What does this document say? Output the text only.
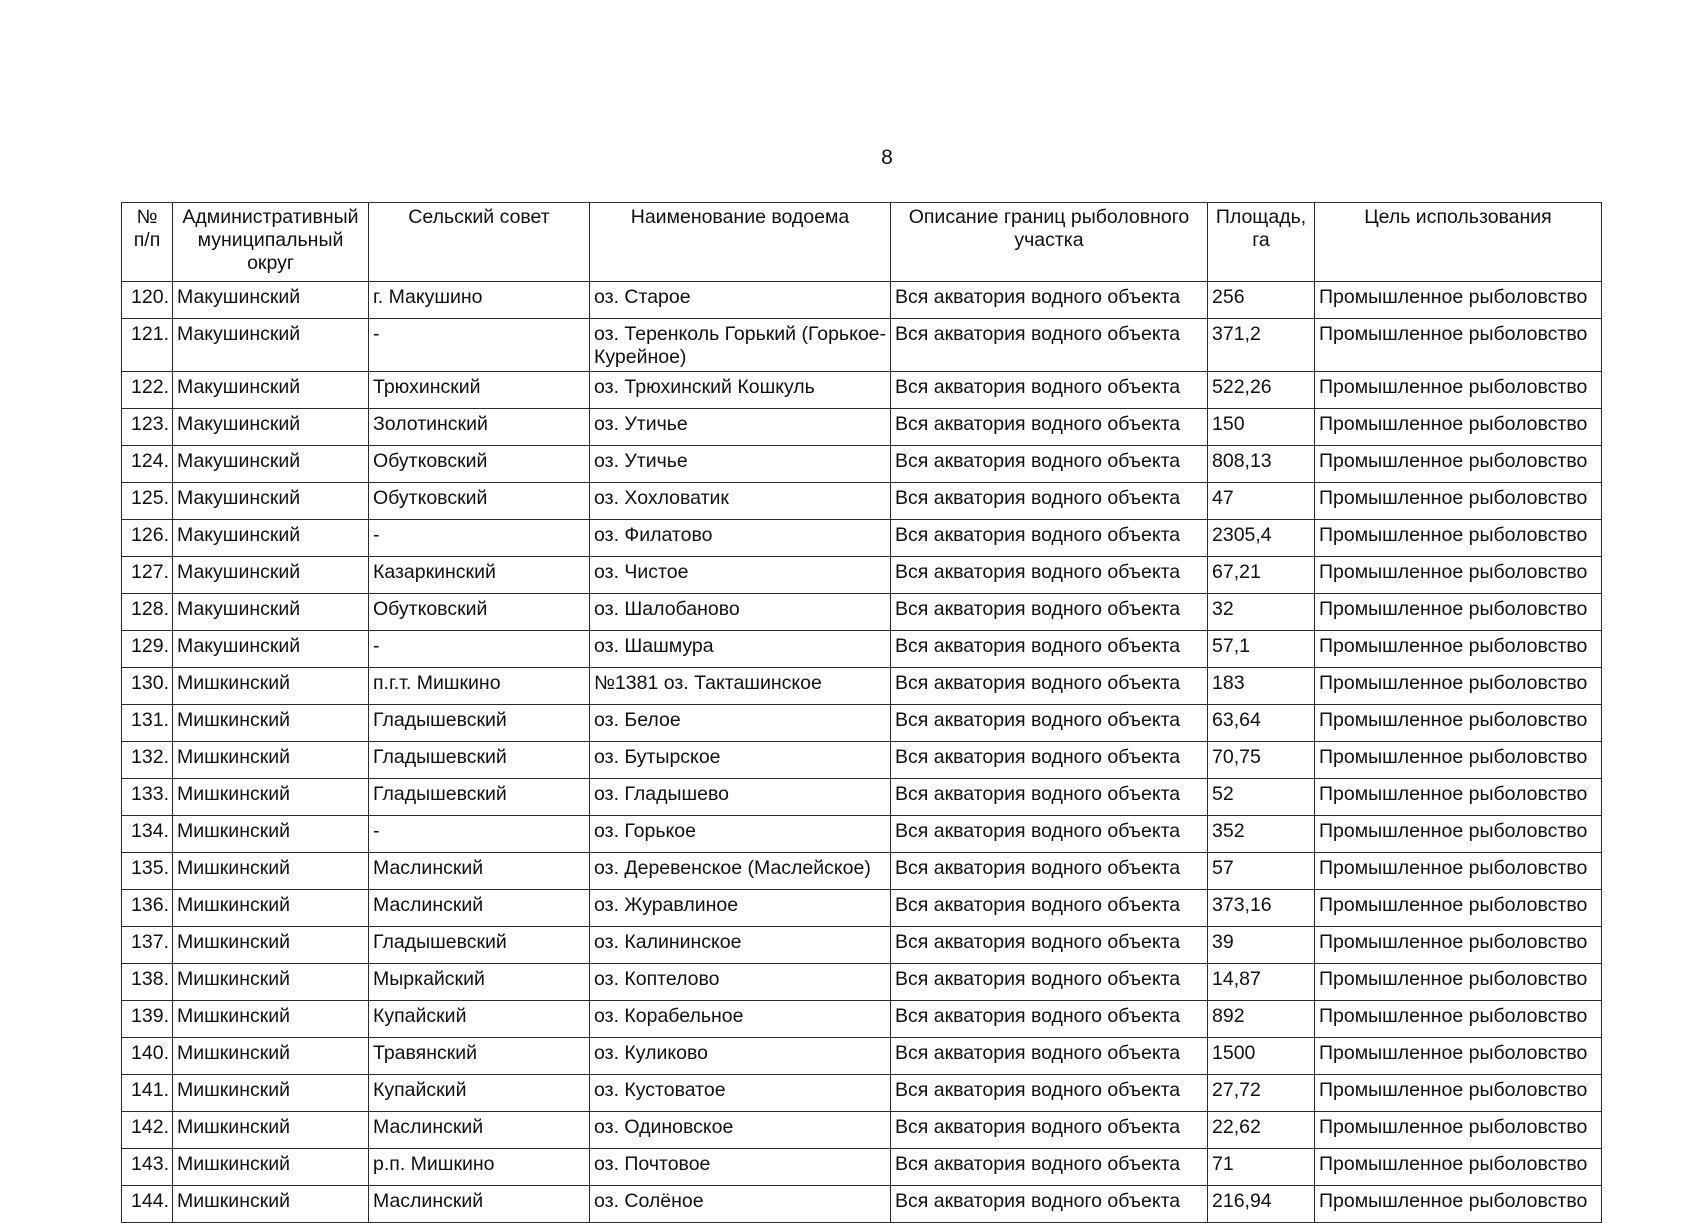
8
№ п/п	Административный муниципальный округ	Сельский совет	Наименование водоема	Описание границ рыболовного участка	Площадь, га	Цель использования
120.	Макушинский	г. Макушино	оз. Старое	Вся акватория водного объекта	256	Промышленное рыболовство
121.	Макушинский	-	оз. Теренколь Горький (Горькое- Курейное)	Вся акватория водного объекта	371,2	Промышленное рыболовство
122.	Макушинский	Трюхинский	оз. Трюхинский Кошкуль	Вся акватория водного объекта	522,26	Промышленное рыболовство
123.	Макушинский	Золотинский	оз. Утичье	Вся акватория водного объекта	150	Промышленное рыболовство
124.	Макушинский	Обутковский	оз. Утичье	Вся акватория водного объекта	808,13	Промышленное рыболовство
125.	Макушинский	Обутковский	оз. Хохловатик	Вся акватория водного объекта	47	Промышленное рыболовство
126.	Макушинский	-	оз. Филатово	Вся акватория водного объекта	2305,4	Промышленное рыболовство
127.	Макушинский	Казаркинский	оз. Чистое	Вся акватория водного объекта	67,21	Промышленное рыболовство
128.	Макушинский	Обутковский	оз. Шалобаново	Вся акватория водного объекта	32	Промышленное рыболовство
129.	Макушинский	-	оз. Шашмура	Вся акватория водного объекта	57,1	Промышленное рыболовство
130.	Мишкинский	п.г.т. Мишкино	№1381 оз. Такташинское	Вся акватория водного объекта	183	Промышленное рыболовство
131.	Мишкинский	Гладышевский	оз. Белое	Вся акватория водного объекта	63,64	Промышленное рыболовство
132.	Мишкинский	Гладышевский	оз. Бутырское	Вся акватория водного объекта	70,75	Промышленное рыболовство
133.	Мишкинский	Гладышевский	оз. Гладышево	Вся акватория водного объекта	52	Промышленное рыболовство
134.	Мишкинский	-	оз. Горькое	Вся акватория водного объекта	352	Промышленное рыболовство
135.	Мишкинский	Маслинский	оз. Деревенское (Маслейское)	Вся акватория водного объекта	57	Промышленное рыболовство
136.	Мишкинский	Маслинский	оз. Журавлиное	Вся акватория водного объекта	373,16	Промышленное рыболовство
137.	Мишкинский	Гладышевский	оз. Калининское	Вся акватория водного объекта	39	Промышленное рыболовство
138.	Мишкинский	Мыркайский	оз. Коптелово	Вся акватория водного объекта	14,87	Промышленное рыболовство
139.	Мишкинский	Купайский	оз. Корабельное	Вся акватория водного объекта	892	Промышленное рыболовство
140.	Мишкинский	Травянский	оз. Куликово	Вся акватория водного объекта	1500	Промышленное рыболовство
141.	Мишкинский	Купайский	оз. Кустоватое	Вся акватория водного объекта	27,72	Промышленное рыболовство
142.	Мишкинский	Маслинский	оз. Одиновское	Вся акватория водного объекта	22,62	Промышленное рыболовство
143.	Мишкинский	р.п. Мишкино	оз. Почтовое	Вся акватория водного объекта	71	Промышленное рыболовство
144.	Мишкинский	Маслинский	оз. Солёное	Вся акватория водного объекта	216,94	Промышленное рыболовство
